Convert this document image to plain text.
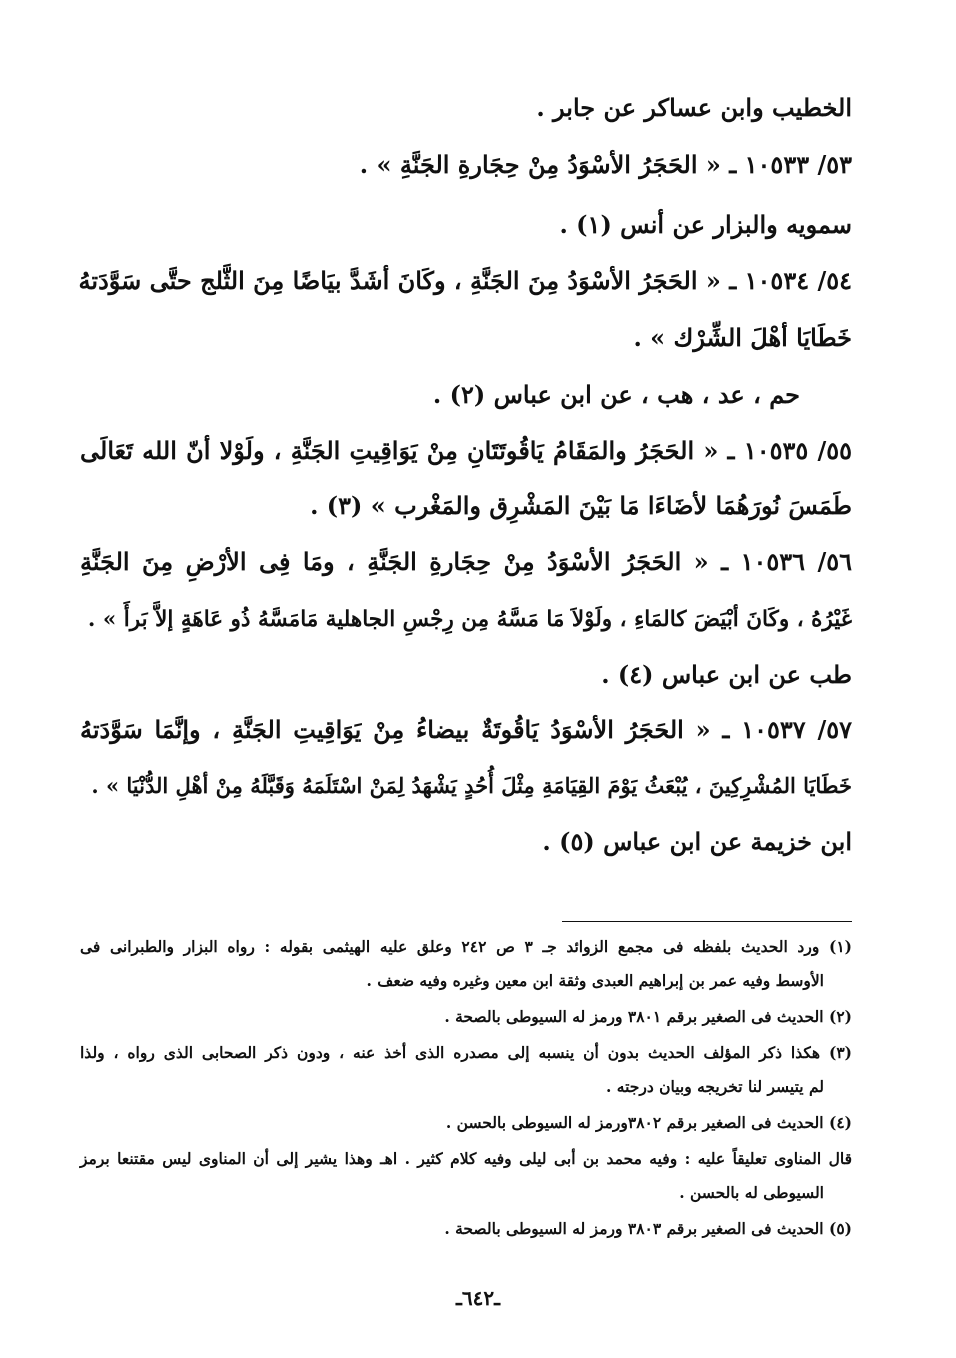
الخطيب وابن عساكر عن جابر .
٥٣/ ١٠٥٣٣ ـ « الحَجَرُ الأسْوَدُ مِنْ حِجَارةِ الجَنَّةِ » .
سمويه والبزار عن أنس (١) .
٥٤/ ١٠٥٣٤ ـ « الحَجَرُ الأسْوَدُ مِنَ الجَنَّةِ ، وكَانَ أشَدَّ بيَاضًا مِنَ الثَّلج حتَّى سَوَّدَتهُ
خَطَايَا أهْلَ الشِّرْك » .
حم ، عد ، هب ، عن ابن عباس (٢) .
٥٥/ ١٠٥٣٥ ـ « الحَجَرُ والمَقَامُ يَاقُوتَتَانِ مِنْ يَوَاقِيتِ الجَنَّةِ ، ولَوْلا أنّ الله تَعَالَى
طَمَسَ نُورَهُمَا لأضَاءَا مَا بَيْنَ المَشْرِق والمَغْرب » (٣) .
٥٦/ ١٠٥٣٦ ـ « الحَجَرُ الأسْوَدُ مِنْ حِجَارةِ الجَنَّةِ ، ومَا فِى الأرْضِ مِنَ الجَنَّةِ
غَيْرُهُ ، وكَانَ أبْيَضَ كالمَاءِ ، ولَوْلاَ مَا مَسَّهُ مِن رِجْسِ الجاهلية مَامَسَّهُ ذُو عَاهَةٍ إلاَّ بَرأَ » .
طب عن ابن عباس (٤) .
٥٧/ ١٠٥٣٧ ـ « الحَجَرُ الأسْوَدُ يَاقُوتَةٌ بيضاءُ مِنْ يَوَاقِيتِ الجَنَّةِ ، وإنَّمَا سَوَّدَتهُ
خَطَايَا المُشْرِكِينَ ، يُبْعَثُ يَوْمَ القِيَامَةِ مِثْلَ أُحُدٍ يَشْهَدُ لِمَنْ اسْتَلَمَهُ وَقَبَّلَهُ مِنْ أهْلِ الدُّنْيَا » .
ابن خزيمة عن ابن عباس (٥) .
(١) ورد الحديث بلفظه فى مجمع الزوائد جـ ٣ ص ٢٤٢ وعلق عليه الهيثمى بقوله : رواه البزار والطبرانى فى
الأوسط وفيه عمر بن إبراهيم العبدى وثقة ابن معين وغيره وفيه ضعف .
(٢) الحديث فى الصغير برقم ٣٨٠١ ورمز له السيوطى بالصحة .
(٣) هكذا ذكر المؤلف الحديث بدون أن ينسبه إلى مصدره الذى أخذ عنه ، ودون ذكر الصحابى الذى رواه ، ولذا
لم يتيسر لنا تخريجه وبيان درجته .
(٤) الحديث فى الصغير برقم ٣٨٠٢ورمز له السيوطى بالحسن .
قال المناوى تعليقاً عليه : وفيه محمد بن أبى ليلى وفيه كلام كثير . اهـ وهذا يشير إلى أن المناوى ليس مقتنعا برمز
السيوطى له بالحسن .
(٥) الحديث فى الصغير برقم ٣٨٠٣ ورمز له السيوطى بالصحة .
ـ٦٤٢ـ
